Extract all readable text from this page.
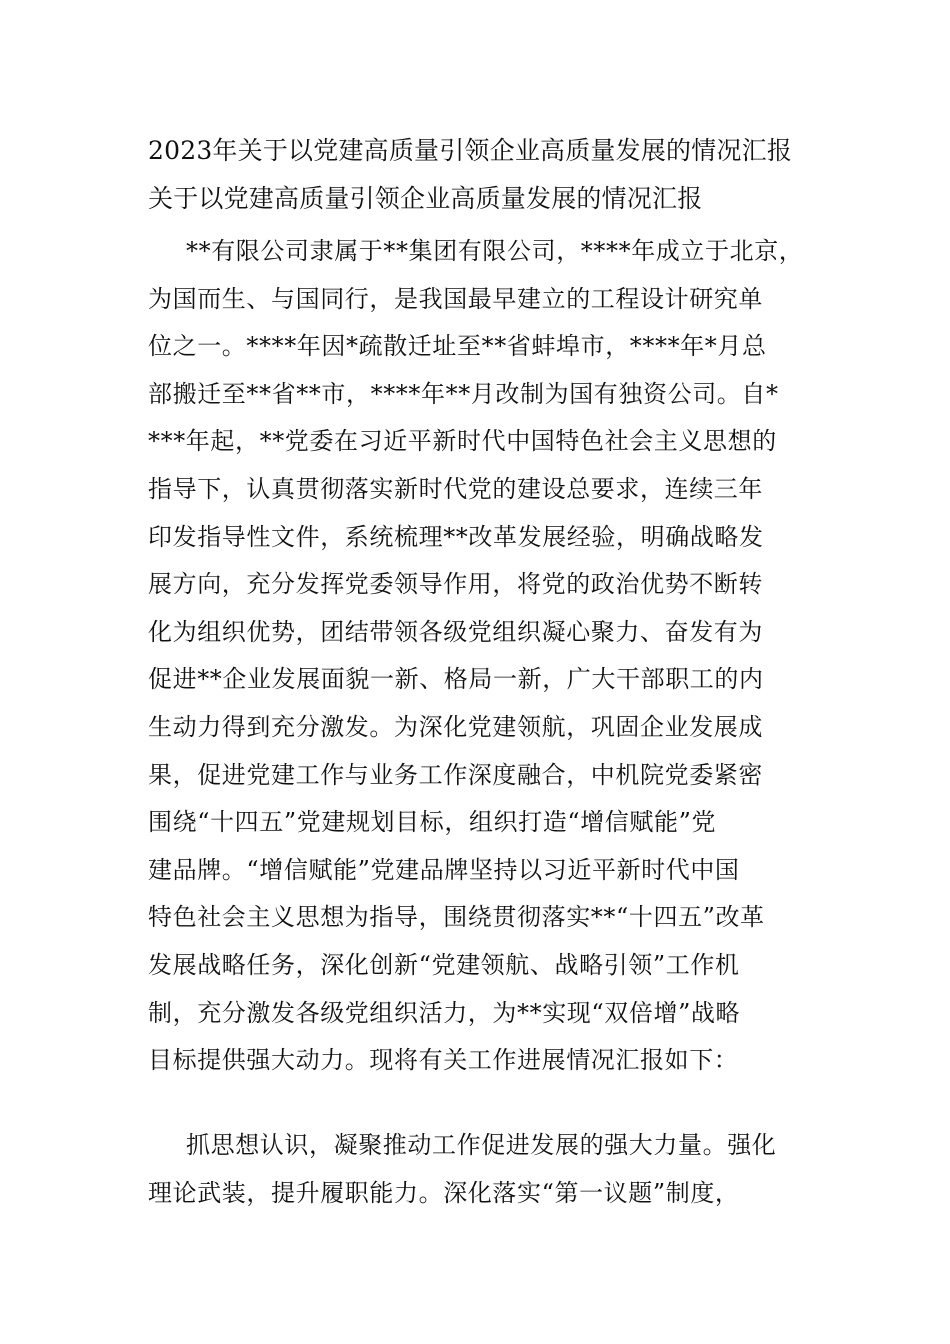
2023年关于以党建高质量引领企业高质量发展的情况汇报
关于以党建高质量引领企业高质量发展的情况汇报
**有限公司隶属于**集团有限公司，****年成立于北京，
为国而生、与国同行，是我国最早建立的工程设计研究单
位之一。****年因*疏散迁址至**省蚌埠市，****年*月总
部搬迁至**省**市，****年**月改制为国有独资公司。自*
***年起，**党委在习近平新时代中国特色社会主义思想的
指导下，认真贯彻落实新时代党的建设总要求，连续三年
印发指导性文件，系统梳理**改革发展经验，明确战略发
展方向，充分发挥党委领导作用，将党的政治优势不断转
化为组织优势，团结带领各级党组织凝心聚力、奋发有为
促进**企业发展面貌一新、格局一新，广大干部职工的内
生动力得到充分激发。为深化党建领航，巩固企业发展成
果，促进党建工作与业务工作深度融合，中机院党委紧密
围绕“十四五”党建规划目标，组织打造“增信赋能”党
建品牌。“增信赋能”党建品牌坚持以习近平新时代中国
特色社会主义思想为指导，围绕贯彻落实**“十四五”改革
发展战略任务，深化创新“党建领航、战略引领”工作机
制，充分激发各级党组织活力，为**实现“双倍增”战略
目标提供强大动力。现将有关工作进展情况汇报如下：
抓思想认识，凝聚推动工作促进发展的强大力量。强化
理论武装，提升履职能力。深化落实“第一议题”制度，
